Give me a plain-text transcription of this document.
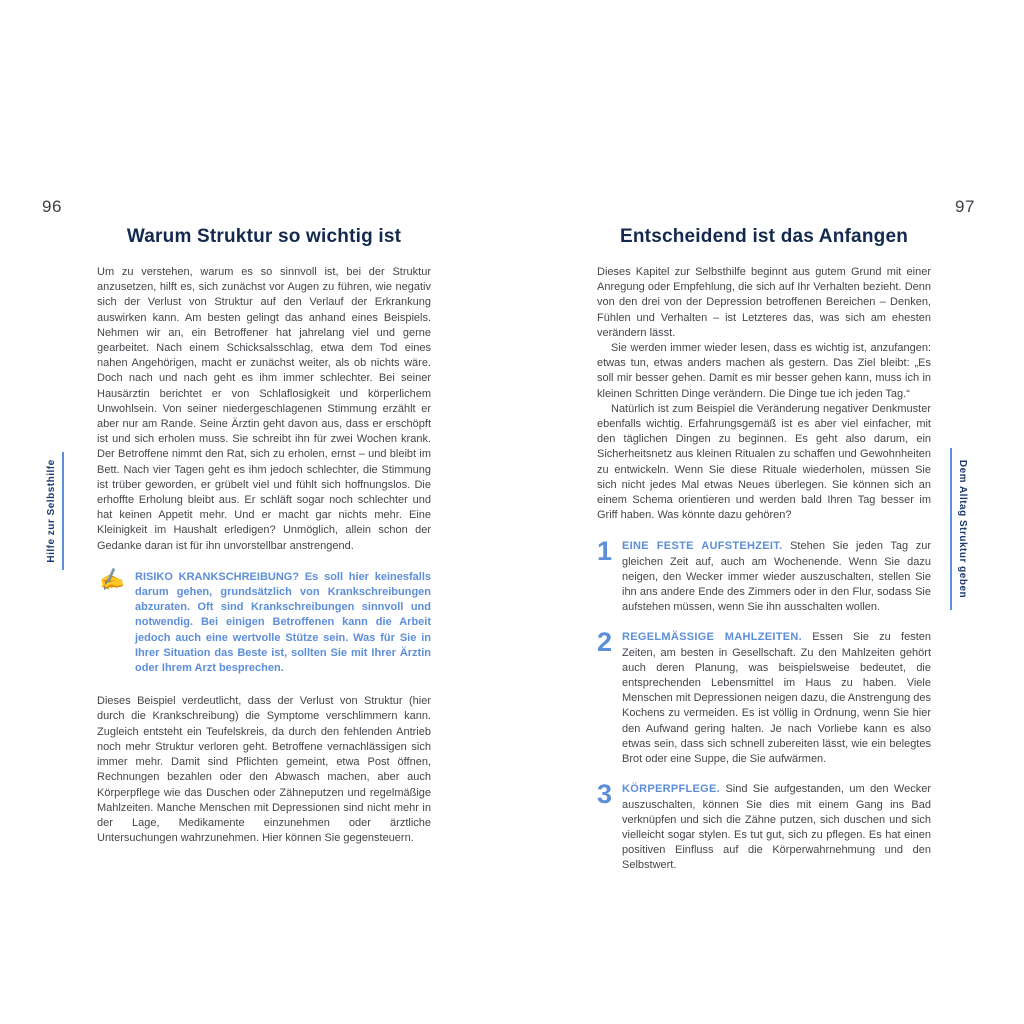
96	97
Hilfe zur Selbsthilfe	Dem Alltag Struktur geben
Warum Struktur so wichtig ist

Um zu verstehen, warum es so sinnvoll ist, bei der Struktur anzusetzen, hilft es, sich zunächst vor Augen zu führen, wie negativ sich der Verlust von Struktur auf den Verlauf der Erkrankung auswirken kann. Am besten gelingt das anhand eines Beispiels. Nehmen wir an, ein Betroffener hat jahrelang viel und gerne gearbeitet. Nach einem Schicksalsschlag, etwa dem Tod eines nahen Angehörigen, macht er zunächst weiter, als ob nichts wäre. Doch nach und nach geht es ihm immer schlechter. Bei seiner Hausärztin berichtet er von Schlaflosigkeit und körperlichem Unwohlsein. Von seiner niedergeschlagenen Stimmung erzählt er aber nur am Rande. Seine Ärztin geht davon aus, dass er erschöpft ist und sich erholen muss. Sie schreibt ihn für zwei Wochen krank. Der Betroffene nimmt den Rat, sich zu erholen, ernst – und bleibt im Bett. Nach vier Tagen geht es ihm jedoch schlechter, die Stimmung ist trüber geworden, er grübelt viel und fühlt sich hoffnungslos. Die erhoffte Erholung bleibt aus. Er schläft sogar noch schlechter und hat keinen Appetit mehr. Und er macht gar nichts mehr. Eine Kleinigkeit im Haushalt erledigen? Unmöglich, allein schon der Gedanke daran ist für ihn unvorstellbar anstrengend.

✍ RISIKO KRANKSCHREIBUNG? Es soll hier keinesfalls darum gehen, grundsätzlich von Krankschreibungen abzuraten. Oft sind Krankschreibungen sinnvoll und notwendig. Bei einigen Betroffenen kann die Arbeit jedoch auch eine wertvolle Stütze sein. Was für Sie in Ihrer Situation das Beste ist, sollten Sie mit Ihrer Ärztin oder Ihrem Arzt besprechen.

Dieses Beispiel verdeutlicht, dass der Verlust von Struktur (hier durch die Krankschreibung) die Symptome verschlimmern kann. Zugleich entsteht ein Teufelskreis, da durch den fehlenden Antrieb noch mehr Struktur verloren geht. Betroffene vernachlässigen sich immer mehr. Damit sind Pflichten gemeint, etwa Post öffnen, Rechnungen bezahlen oder den Abwasch machen, aber auch Körperpflege wie das Duschen oder Zähneputzen und regelmäßige Mahlzeiten. Manche Menschen mit Depressionen sind nicht mehr in der Lage, Medikamente einzunehmen oder ärztliche Untersuchungen wahrzunehmen. Hier können Sie gegensteuern.

Entscheidend ist das Anfangen

Dieses Kapitel zur Selbsthilfe beginnt aus gutem Grund mit einer Anregung oder Empfehlung, die sich auf Ihr Verhalten bezieht. Denn von den drei von der Depression betroffenen Bereichen – Denken, Fühlen und Verhalten – ist Letzteres das, was sich am ehesten verändern lässt.

Sie werden immer wieder lesen, dass es wichtig ist, anzufangen: etwas tun, etwas anders machen als gestern. Das Ziel bleibt: „Es soll mir besser gehen. Damit es mir besser gehen kann, muss ich in kleinen Schritten Dinge verändern. Die Dinge tue ich jeden Tag.“

Natürlich ist zum Beispiel die Veränderung negativer Denkmuster ebenfalls wichtig. Erfahrungsgemäß ist es aber viel einfacher, mit den täglichen Dingen zu beginnen. Es geht also darum, ein Sicherheitsnetz aus kleinen Ritualen zu schaffen und Gewohnheiten zu entwickeln. Wenn Sie diese Rituale wiederholen, müssen Sie sich nicht jedes Mal etwas Neues überlegen. Sie können sich an einem Schema orientieren und werden bald Ihren Tag besser im Griff haben. Was könnte dazu gehören?

1 EINE FESTE AUFSTEHZEIT. Stehen Sie jeden Tag zur gleichen Zeit auf, auch am Wochenende. Wenn Sie dazu neigen, den Wecker immer wieder auszuschalten, stellen Sie ihn ans andere Ende des Zimmers oder in den Flur, sodass Sie aufstehen müssen, wenn Sie ihn ausschalten wollen.

2 REGELMÄSSIGE MAHLZEITEN. Essen Sie zu festen Zeiten, am besten in Gesellschaft. Zu den Mahlzeiten gehört auch deren Planung, was beispielsweise bedeutet, die entsprechenden Lebensmittel im Haus zu haben. Viele Menschen mit Depressionen neigen dazu, die Anstrengung des Kochens zu vermeiden. Es ist völlig in Ordnung, wenn Sie hier den Aufwand gering halten. Je nach Vorliebe kann es also etwas sein, dass sich schnell zubereiten lässt, wie ein belegtes Brot oder eine Suppe, die Sie aufwärmen.

3 KÖRPERPFLEGE. Sind Sie aufgestanden, um den Wecker auszuschalten, können Sie dies mit einem Gang ins Bad verknüpfen und sich die Zähne putzen, sich duschen und sich vielleicht sogar stylen. Es tut gut, sich zu pflegen. Es hat einen positiven Einfluss auf die Körperwahrnehmung und den Selbstwert.
